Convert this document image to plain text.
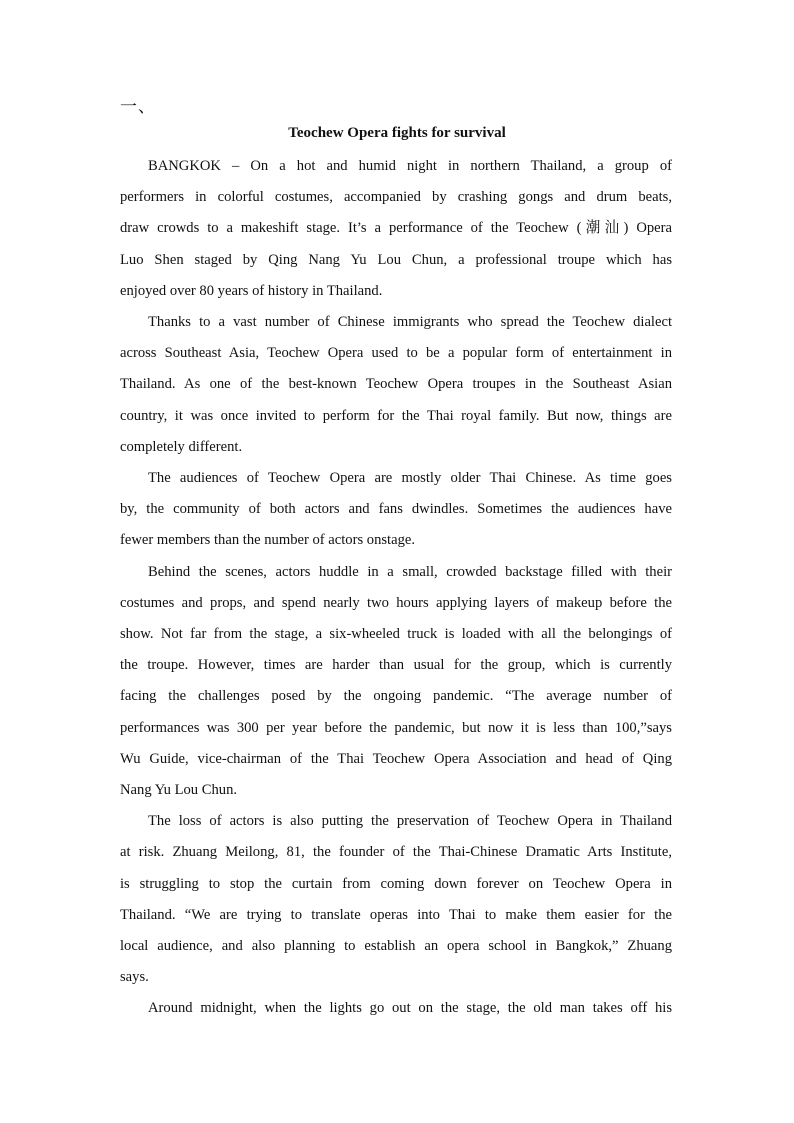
一、
Teochew Opera fights for survival

BANGKOK – On a hot and humid night in northern Thailand, a group of
performers in colorful costumes, accompanied by crashing gongs and drum beats,
draw crowds to a makeshift stage. It’s a performance of the Teochew (潮汕) Opera
Luo Shen staged by Qing Nang Yu Lou Chun, a professional troupe which has
enjoyed over 80 years of history in Thailand.

Thanks to a vast number of Chinese immigrants who spread the Teochew dialect
across Southeast Asia, Teochew Opera used to be a popular form of entertainment in
Thailand. As one of the best-known Teochew Opera troupes in the Southeast Asian
country, it was once invited to perform for the Thai royal family. But now, things are
completely different.

The audiences of Teochew Opera are mostly older Thai Chinese. As time goes
by, the community of both actors and fans dwindles. Sometimes the audiences have
fewer members than the number of actors onstage.

Behind the scenes, actors huddle in a small, crowded backstage filled with their
costumes and props, and spend nearly two hours applying layers of makeup before the
show. Not far from the stage, a six-wheeled truck is loaded with all the belongings of
the troupe. However, times are harder than usual for the group, which is currently
facing the challenges posed by the ongoing pandemic. “The average number of
performances was 300 per year before the pandemic, but now it is less than 100,”says
Wu Guide, vice-chairman of the Thai Teochew Opera Association and head of Qing
Nang Yu Lou Chun.

The loss of actors is also putting the preservation of Teochew Opera in Thailand
at risk. Zhuang Meilong, 81, the founder of the Thai-Chinese Dramatic Arts Institute,
is struggling to stop the curtain from coming down forever on Teochew Opera in
Thailand. “We are trying to translate operas into Thai to make them easier for the
local audience, and also planning to establish an opera school in Bangkok,” Zhuang
says.

Around midnight, when the lights go out on the stage, the old man takes off his
